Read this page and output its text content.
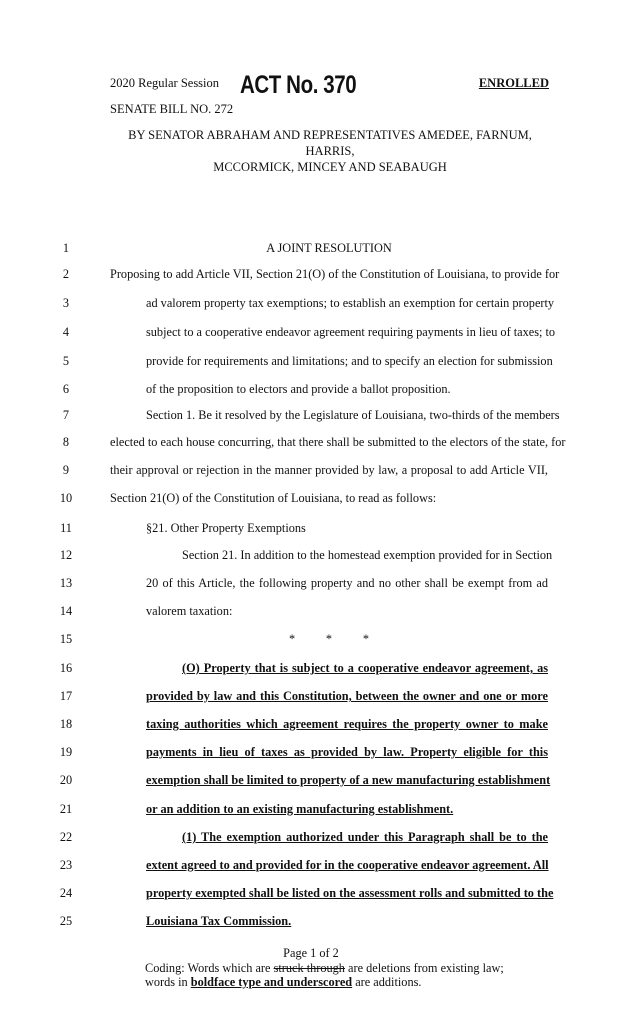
2020 Regular Session ACT No. 370	ENROLLED
SENATE BILL NO. 272
BY SENATOR ABRAHAM AND REPRESENTATIVES AMEDEE, FARNUM, HARRIS,
MCCORMICK, MINCEY AND SEABAUGH
1	A JOINT RESOLUTION
2	Proposing to add Article VII, Section 21(O) of the Constitution of Louisiana, to provide for
3	ad valorem property tax exemptions; to establish an exemption for certain property
4	subject to a cooperative endeavor agreement requiring payments in lieu of taxes; to
5	provide for requirements and limitations; and to specify an election for submission
6	of the proposition to electors and provide a ballot proposition.
7	Section 1. Be it resolved by the Legislature of Louisiana, two-thirds of the members
8	elected to each house concurring, that there shall be submitted to the electors of the state, for
9	their approval or rejection in the manner provided by law, a proposal to add Article VII,
10	Section 21(O) of the Constitution of Louisiana, to read as follows:
11	§21. Other Property Exemptions
12	Section 21. In addition to the homestead exemption provided for in Section
13	20 of this Article, the following property and no other shall be exempt from ad
14	valorem taxation:
15	*          *          *
16	(O) Property that is subject to a cooperative endeavor agreement, as
17	provided by law and this Constitution, between the owner and one or more
18	taxing authorities which agreement requires the property owner to make
19	payments in lieu of taxes as provided by law. Property eligible for this
20	exemption shall be limited to property of a new manufacturing establishment
21	or an addition to an existing manufacturing establishment.
22	(1) The exemption authorized under this Paragraph shall be to the
23	extent agreed to and provided for in the cooperative endeavor agreement. All
24	property exempted shall be listed on the assessment rolls and submitted to the
25	Louisiana Tax Commission.
Page 1 of 2
Coding: Words which are struck through are deletions from existing law;
words in boldface type and underscored are additions.
